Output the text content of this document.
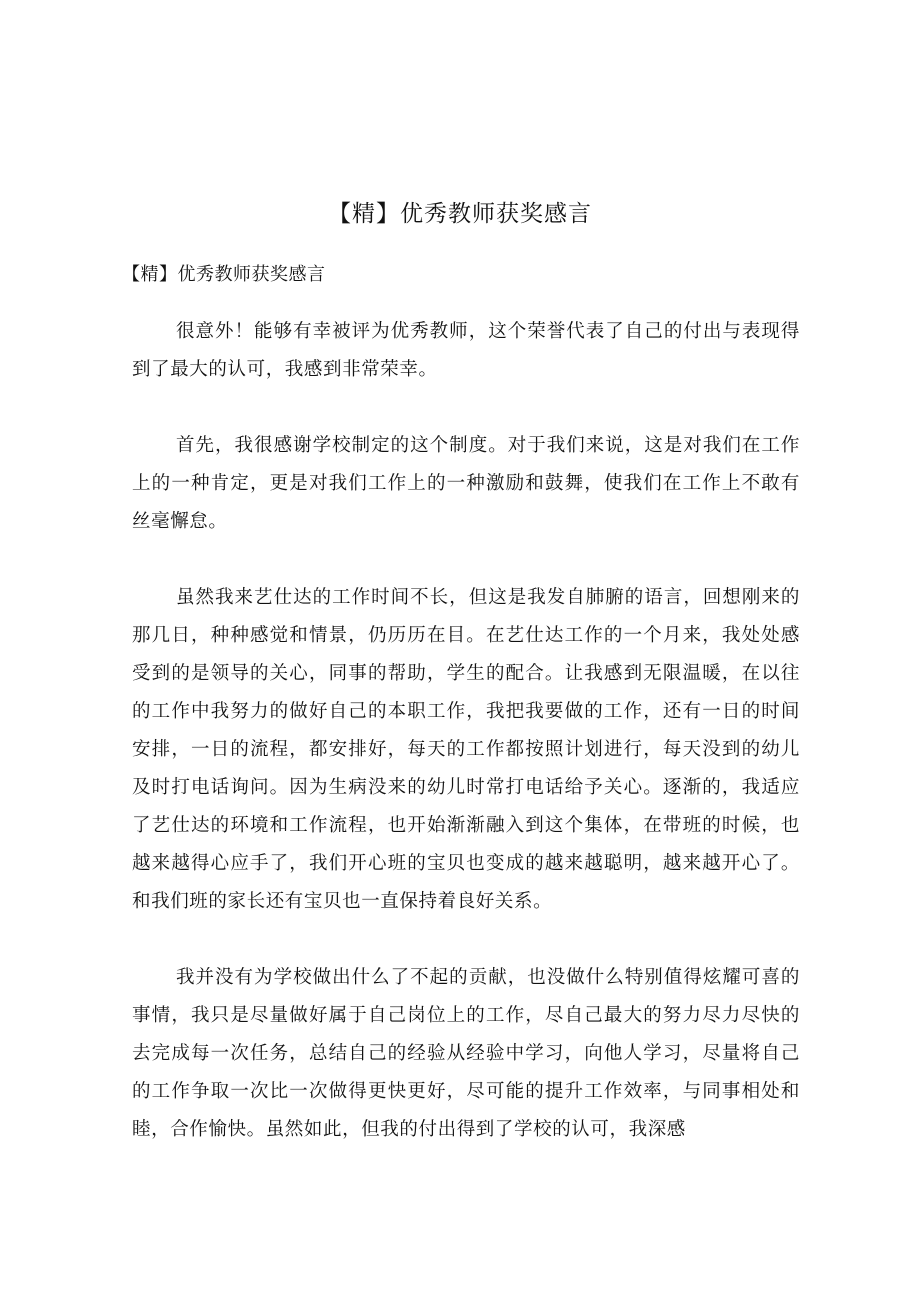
【精】优秀教师获奖感言

【精】优秀教师获奖感言

很意外！能够有幸被评为优秀教师，这个荣誉代表了自己的付出与表现得到了最大的认可，我感到非常荣幸。

首先，我很感谢学校制定的这个制度。对于我们来说，这是对我们在工作上的一种肯定，更是对我们工作上的一种激励和鼓舞，使我们在工作上不敢有丝毫懈怠。

虽然我来艺仕达的工作时间不长，但这是我发自肺腑的语言，回想刚来的那几日，种种感觉和情景，仍历历在目。在艺仕达工作的一个月来，我处处感受到的是领导的关心，同事的帮助，学生的配合。让我感到无限温暖，在以往的工作中我努力的做好自己的本职工作，我把我要做的工作，还有一日的时间安排，一日的流程，都安排好，每天的工作都按照计划进行，每天没到的幼儿及时打电话询问。因为生病没来的幼儿时常打电话给予关心。逐渐的，我适应了艺仕达的环境和工作流程，也开始渐渐融入到这个集体，在带班的时候，也越来越得心应手了，我们开心班的宝贝也变成的越来越聪明，越来越开心了。和我们班的家长还有宝贝也一直保持着良好关系。

我并没有为学校做出什么了不起的贡献，也没做什么特别值得炫耀可喜的事情，我只是尽量做好属于自己岗位上的工作，尽自己最大的努力尽力尽快的去完成每一次任务，总结自己的经验从经验中学习，向他人学习，尽量将自己的工作争取一次比一次做得更快更好，尽可能的提升工作效率，与同事相处和睦，合作愉快。虽然如此，但我的付出得到了学校的认可，我深感
